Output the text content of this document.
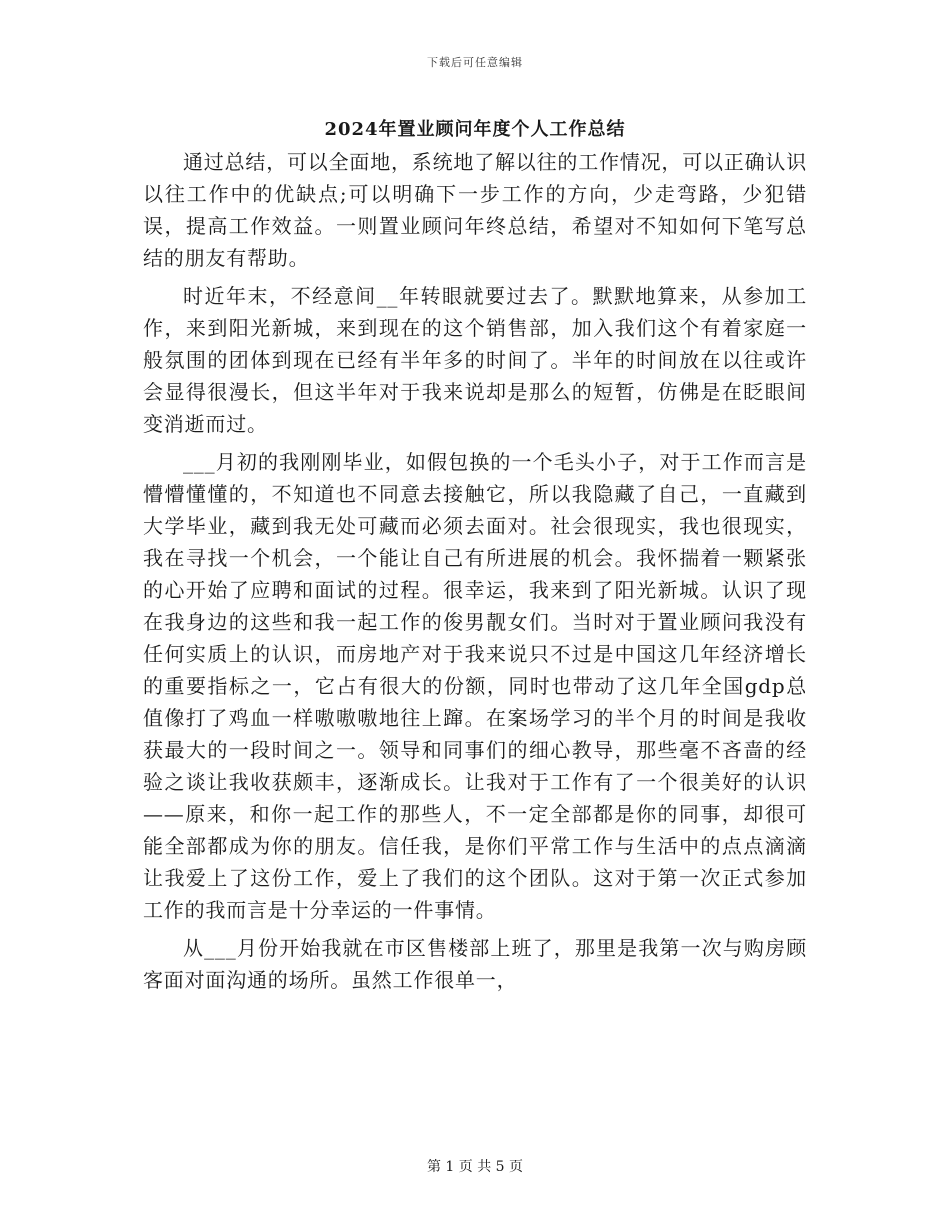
下载后可任意编辑
2024年置业顾问年度个人工作总结

通过总结，可以全面地，系统地了解以往的工作情况，可以正确认识以往工作中的优缺点;可以明确下一步工作的方向，少走弯路，少犯错误，提高工作效益。一则置业顾问年终总结，希望对不知如何下笔写总结的朋友有帮助。

时近年末，不经意间__年转眼就要过去了。默默地算来，从参加工作，来到阳光新城，来到现在的这个销售部，加入我们这个有着家庭一般氛围的团体到现在已经有半年多的时间了。半年的时间放在以往或许会显得很漫长，但这半年对于我来说却是那么的短暂，仿佛是在眨眼间变消逝而过。

___月初的我刚刚毕业，如假包换的一个毛头小子，对于工作而言是懵懵懂懂的，不知道也不同意去接触它，所以我隐藏了自己，一直藏到大学毕业，藏到我无处可藏而必须去面对。社会很现实，我也很现实，我在寻找一个机会，一个能让自己有所进展的机会。我怀揣着一颗紧张的心开始了应聘和面试的过程。很幸运，我来到了阳光新城。认识了现在我身边的这些和我一起工作的俊男靓女们。当时对于置业顾问我没有任何实质上的认识，而房地产对于我来说只不过是中国这几年经济增长的重要指标之一，它占有很大的份额，同时也带动了这几年全国gdp总值像打了鸡血一样嗷嗷嗷地往上蹿。在案场学习的半个月的时间是我收获最大的一段时间之一。领导和同事们的细心教导，那些毫不吝啬的经验之谈让我收获颇丰，逐渐成长。让我对于工作有了一个很美好的认识——原来，和你一起工作的那些人，不一定全部都是你的同事，却很可能全部都成为你的朋友。信任我，是你们平常工作与生活中的点点滴滴让我爱上了这份工作，爱上了我们的这个团队。这对于第一次正式参加工作的我而言是十分幸运的一件事情。

从___月份开始我就在市区售楼部上班了，那里是我第一次与购房顾客面对面沟通的场所。虽然工作很单一，

第 1 页 共 5 页
